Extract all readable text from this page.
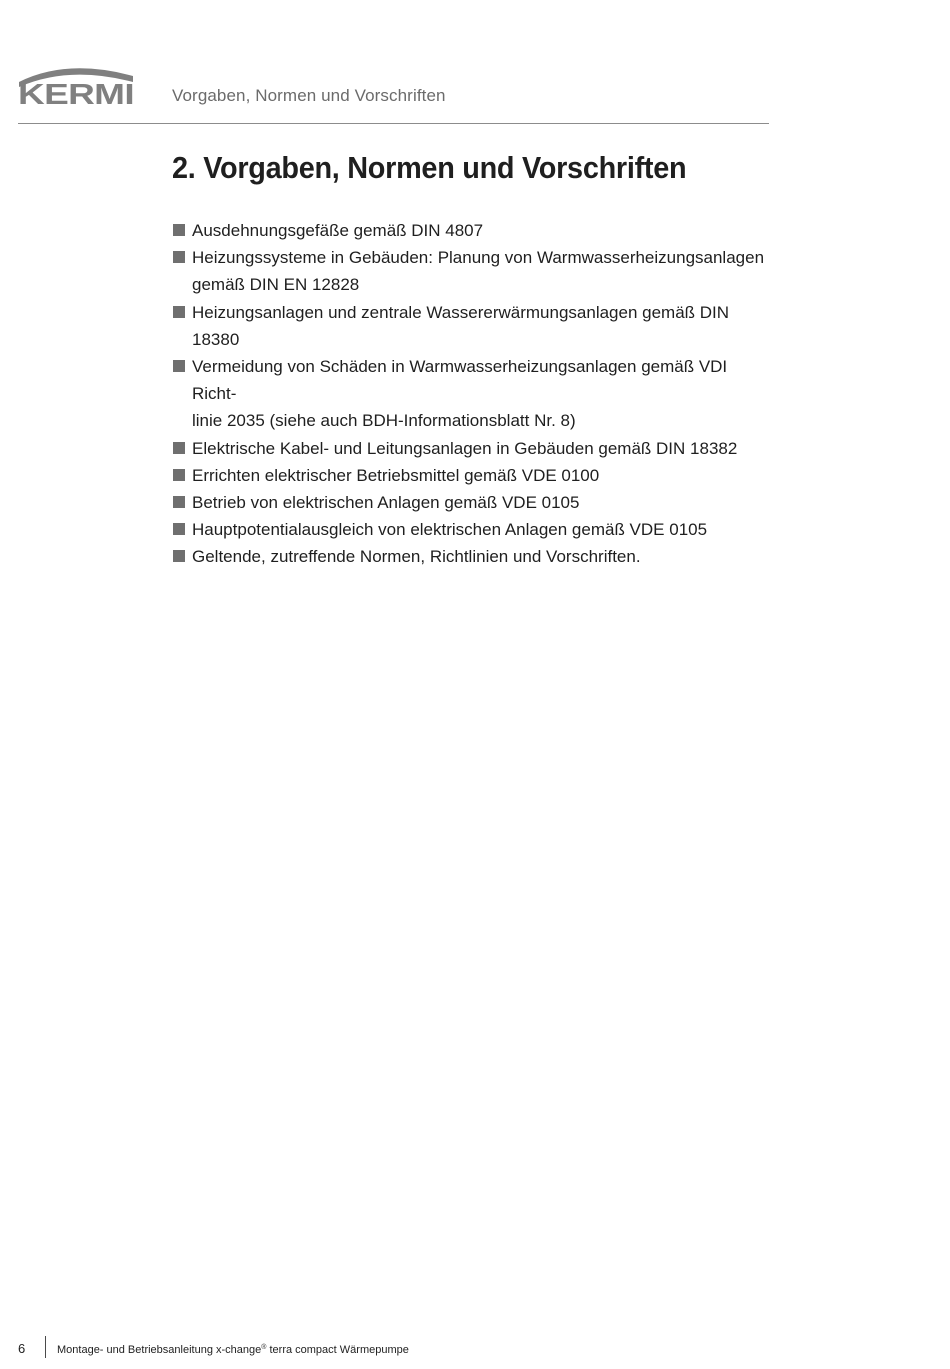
KERMI Vorgaben, Normen und Vorschriften
2. Vorgaben, Normen und Vorschriften
Ausdehnungsgefäße gemäß DIN 4807
Heizungssysteme in Gebäuden: Planung von Warmwasserheizungsanlagen
gemäß DIN EN 12828
Heizungsanlagen und zentrale Wassererwärmungsanlagen gemäß DIN
18380
Vermeidung von Schäden in Warmwasserheizungsanlagen gemäß VDI Richt-
linie 2035 (siehe auch BDH-Informationsblatt Nr. 8)
Elektrische Kabel- und Leitungsanlagen in Gebäuden gemäß DIN 18382
Errichten elektrischer Betriebsmittel gemäß VDE 0100
Betrieb von elektrischen Anlagen gemäß VDE 0105
Hauptpotentialausgleich von elektrischen Anlagen gemäß VDE 0105
Geltende, zutreffende Normen, Richtlinien und Vorschriften.
6	Montage- und Betriebsanleitung x-change® terra compact Wärmepumpe
